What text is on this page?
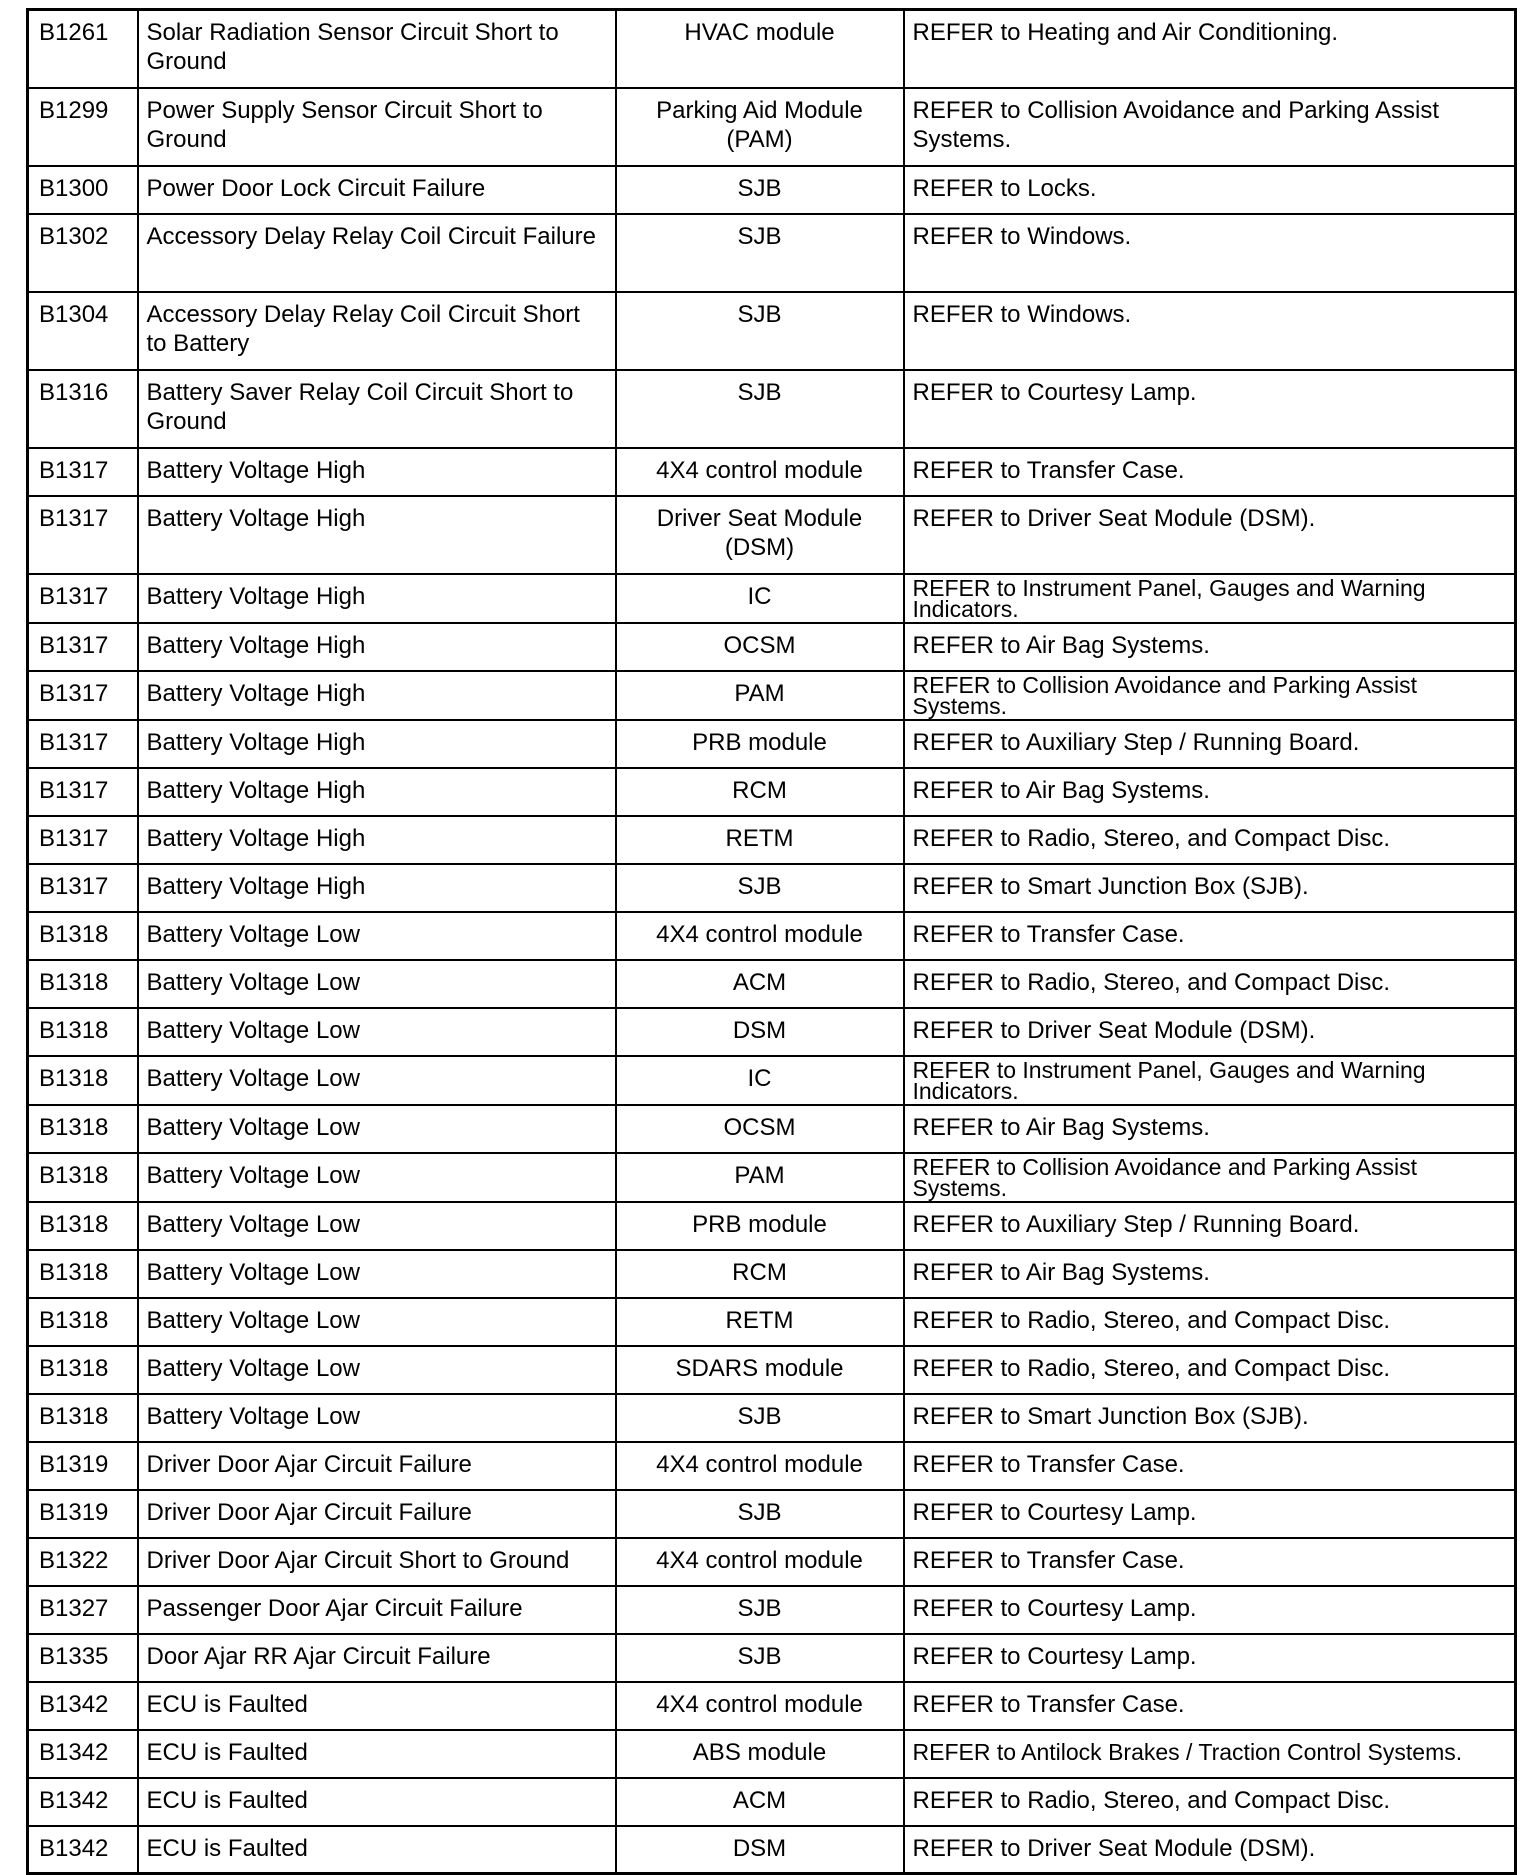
B1261	Solar Radiation Sensor Circuit Short to Ground	HVAC module	REFER to Heating and Air Conditioning.
B1299	Power Supply Sensor Circuit Short to Ground	Parking Aid Module (PAM)	REFER to Collision Avoidance and Parking Assist Systems.
B1300	Power Door Lock Circuit Failure	SJB	REFER to Locks.
B1302	Accessory Delay Relay Coil Circuit Failure	SJB	REFER to Windows.
B1304	Accessory Delay Relay Coil Circuit Short to Battery	SJB	REFER to Windows.
B1316	Battery Saver Relay Coil Circuit Short to Ground	SJB	REFER to Courtesy Lamp.
B1317	Battery Voltage High	4X4 control module	REFER to Transfer Case.
B1317	Battery Voltage High	Driver Seat Module (DSM)	REFER to Driver Seat Module (DSM).
B1317	Battery Voltage High	IC	REFER to Instrument Panel, Gauges and Warning Indicators.
B1317	Battery Voltage High	OCSM	REFER to Air Bag Systems.
B1317	Battery Voltage High	PAM	REFER to Collision Avoidance and Parking Assist Systems.
B1317	Battery Voltage High	PRB module	REFER to Auxiliary Step / Running Board.
B1317	Battery Voltage High	RCM	REFER to Air Bag Systems.
B1317	Battery Voltage High	RETM	REFER to Radio, Stereo, and Compact Disc.
B1317	Battery Voltage High	SJB	REFER to Smart Junction Box (SJB).
B1318	Battery Voltage Low	4X4 control module	REFER to Transfer Case.
B1318	Battery Voltage Low	ACM	REFER to Radio, Stereo, and Compact Disc.
B1318	Battery Voltage Low	DSM	REFER to Driver Seat Module (DSM).
B1318	Battery Voltage Low	IC	REFER to Instrument Panel, Gauges and Warning Indicators.
B1318	Battery Voltage Low	OCSM	REFER to Air Bag Systems.
B1318	Battery Voltage Low	PAM	REFER to Collision Avoidance and Parking Assist Systems.
B1318	Battery Voltage Low	PRB module	REFER to Auxiliary Step / Running Board.
B1318	Battery Voltage Low	RCM	REFER to Air Bag Systems.
B1318	Battery Voltage Low	RETM	REFER to Radio, Stereo, and Compact Disc.
B1318	Battery Voltage Low	SDARS module	REFER to Radio, Stereo, and Compact Disc.
B1318	Battery Voltage Low	SJB	REFER to Smart Junction Box (SJB).
B1319	Driver Door Ajar Circuit Failure	4X4 control module	REFER to Transfer Case.
B1319	Driver Door Ajar Circuit Failure	SJB	REFER to Courtesy Lamp.
B1322	Driver Door Ajar Circuit Short to Ground	4X4 control module	REFER to Transfer Case.
B1327	Passenger Door Ajar Circuit Failure	SJB	REFER to Courtesy Lamp.
B1335	Door Ajar RR Ajar Circuit Failure	SJB	REFER to Courtesy Lamp.
B1342	ECU is Faulted	4X4 control module	REFER to Transfer Case.
B1342	ECU is Faulted	ABS module	REFER to Antilock Brakes / Traction Control Systems.
B1342	ECU is Faulted	ACM	REFER to Radio, Stereo, and Compact Disc.
B1342	ECU is Faulted	DSM	REFER to Driver Seat Module (DSM).
